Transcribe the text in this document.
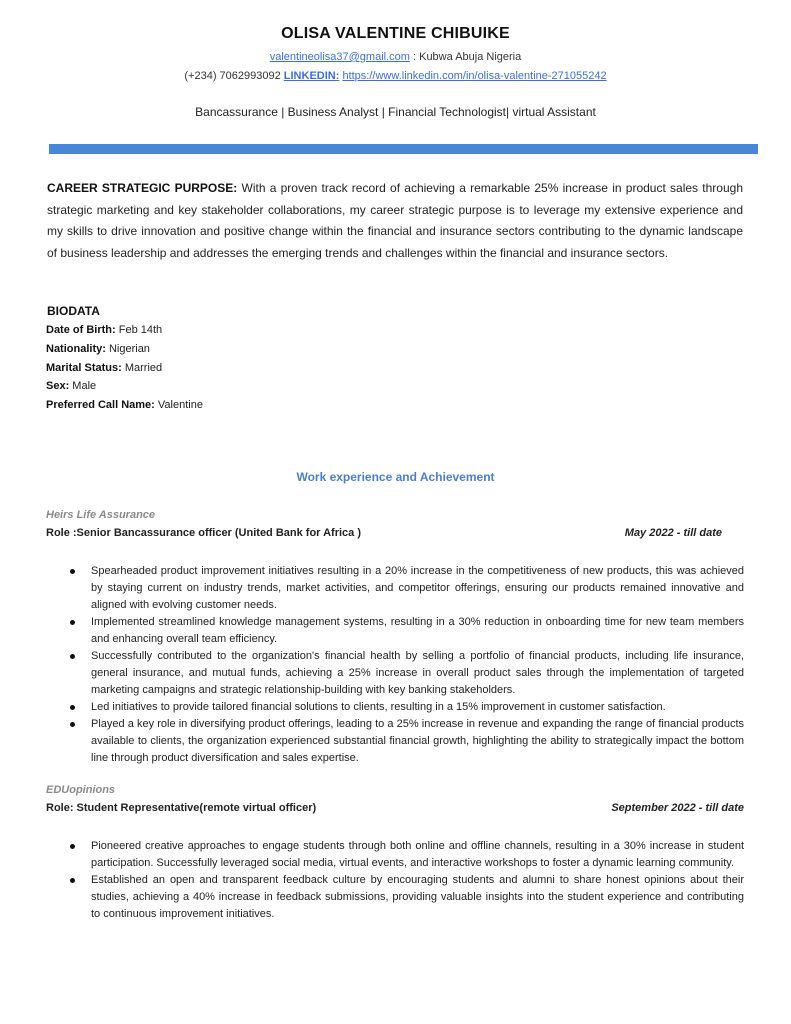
OLISA VALENTINE CHIBUIKE
valentineolisa37@gmail.com : Kubwa Abuja Nigeria
(+234) 7062993092 LINKEDIN: https://www.linkedin.com/in/olisa-valentine-271055242
Bancassurance | Business Analyst | Financial Technologist| virtual Assistant
CAREER STRATEGIC PURPOSE: With a proven track record of achieving a remarkable 25% increase in product sales through strategic marketing and key stakeholder collaborations, my career strategic purpose is to leverage my extensive experience and my skills to drive innovation and positive change within the financial and insurance sectors contributing to the dynamic landscape of business leadership and addresses the emerging trends and challenges within the financial and insurance sectors.
BIODATA
Date of Birth: Feb 14th
Nationality: Nigerian
Marital Status: Married
Sex: Male
Preferred Call Name: Valentine
Work experience and Achievement
Heirs Life Assurance
Role :Senior Bancassurance officer (United Bank for Africa )	May 2022 - till date
Spearheaded product improvement initiatives resulting in a 20% increase in the competitiveness of new products, this was achieved by staying current on industry trends, market activities, and competitor offerings, ensuring our products remained innovative and aligned with evolving customer needs.
Implemented streamlined knowledge management systems, resulting in a 30% reduction in onboarding time for new team members and enhancing overall team efficiency.
Successfully contributed to the organization's financial health by selling a portfolio of financial products, including life insurance, general insurance, and mutual funds, achieving a 25% increase in overall product sales through the implementation of targeted marketing campaigns and strategic relationship-building with key banking stakeholders.
Led initiatives to provide tailored financial solutions to clients, resulting in a 15% improvement in customer satisfaction.
Played a key role in diversifying product offerings, leading to a 25% increase in revenue and expanding the range of financial products available to clients, the organization experienced substantial financial growth, highlighting the ability to strategically impact the bottom line through product diversification and sales expertise.
EDUopinions
Role: Student Representative(remote virtual officer)	September 2022 - till date
Pioneered creative approaches to engage students through both online and offline channels, resulting in a 30% increase in student participation. Successfully leveraged social media, virtual events, and interactive workshops to foster a dynamic learning community.
Established an open and transparent feedback culture by encouraging students and alumni to share honest opinions about their studies, achieving a 40% increase in feedback submissions, providing valuable insights into the student experience and contributing to continuous improvement initiatives.
